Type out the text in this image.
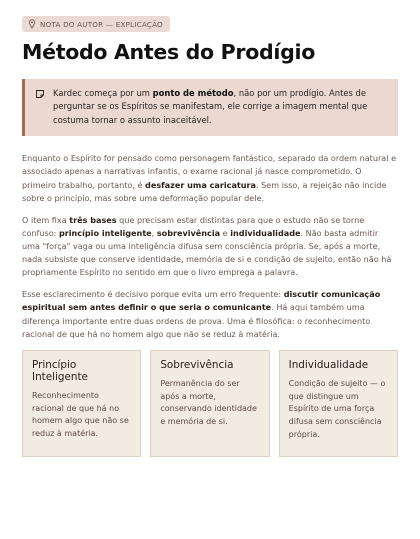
NOTA DO AUTOR — EXPLICAÇÃO
Método Antes do Prodígio
Kardec começa por um ponto de método, não por um prodígio. Antes de perguntar se os Espíritos se manifestam, ele corrige a imagem mental que costuma tornar o assunto inaceitável.

Enquanto o Espírito for pensado como personagem fantástico, separado da ordem natural e associado apenas a narrativas infantis, o exame racional já nasce comprometido. O primeiro trabalho, portanto, é desfazer uma caricatura. Sem isso, a rejeição não incide sobre o princípio, mas sobre uma deformação popular dele.

O item fixa três bases que precisam estar distintas para que o estudo não se torne confuso: princípio inteligente, sobrevivência e individualidade. Não basta admitir uma "força" vaga ou uma inteligência difusa sem consciência própria. Se, após a morte, nada subsiste que conserve identidade, memória de si e condição de sujeito, então não há propriamente Espírito no sentido em que o livro emprega a palavra.

Esse esclarecimento é decisivo porque evita um erro frequente: discutir comunicação espiritual sem antes definir o que seria o comunicante. Há aqui também uma diferença importante entre duas ordens de prova. Uma é filosófica: o reconhecimento racional de que há no homem algo que não se reduz à matéria.

Princípio Inteligente
Reconhecimento racional de que há no homem algo que não se reduz à matéria.
Sobrevivência
Permanência do ser após a morte, conservando identidade e memória de si.
Individualidade
Condição de sujeito — o que distingue um Espírito de uma força difusa sem consciência própria.
